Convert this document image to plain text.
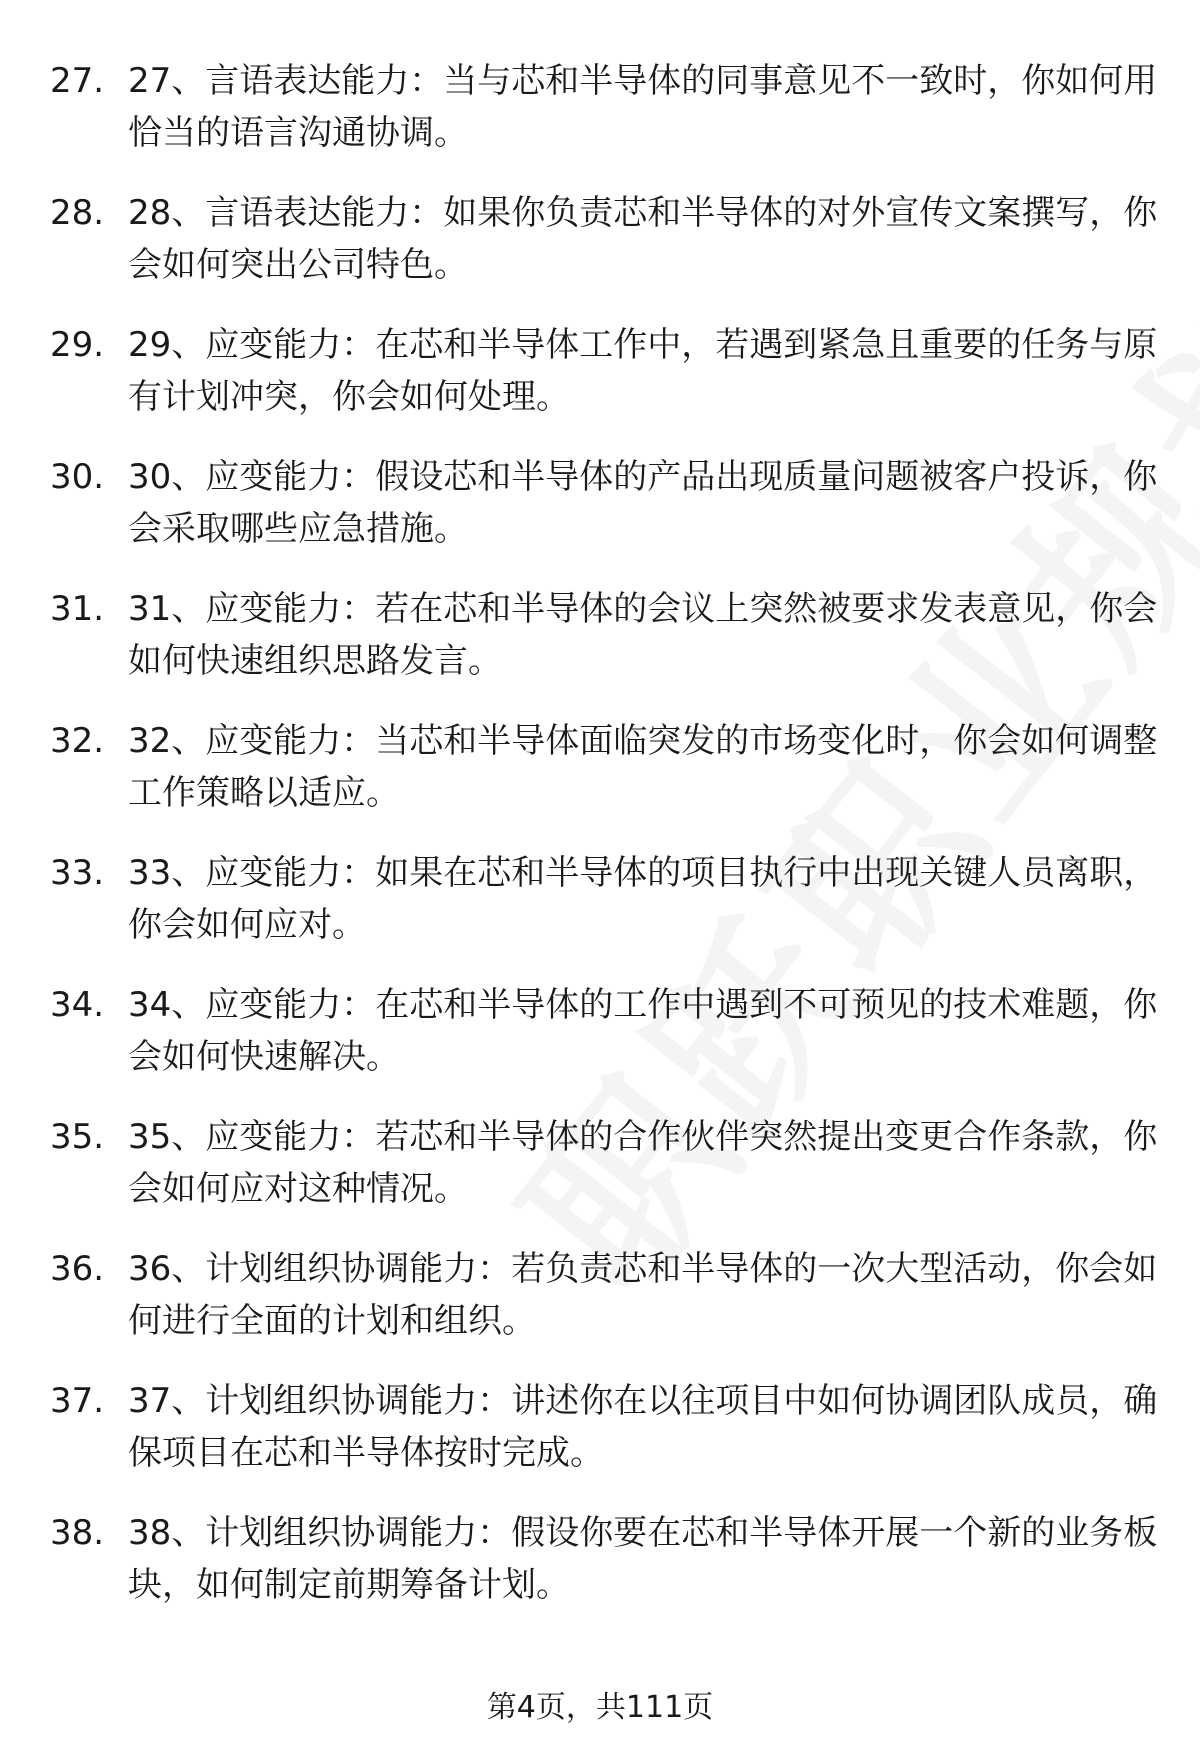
27. 27、言语表达能力：当与芯和半导体的同事意见不一致时，你如何用恰当的语言沟通协调。
28. 28、言语表达能力：如果你负责芯和半导体的对外宣传文案撰写，你会如何突出公司特色。
29. 29、应变能力：在芯和半导体工作中，若遇到紧急且重要的任务与原有计划冲突，你会如何处理。
30. 30、应变能力：假设芯和半导体的产品出现质量问题被客户投诉，你会采取哪些应急措施。
31. 31、应变能力：若在芯和半导体的会议上突然被要求发表意见，你会如何快速组织思路发言。
32. 32、应变能力：当芯和半导体面临突发的市场变化时，你会如何调整工作策略以适应。
33. 33、应变能力：如果在芯和半导体的项目执行中出现关键人员离职，你会如何应对。
34. 34、应变能力：在芯和半导体的工作中遇到不可预见的技术难题，你会如何快速解决。
35. 35、应变能力：若芯和半导体的合作伙伴突然提出变更合作条款，你会如何应对这种情况。
36. 36、计划组织协调能力：若负责芯和半导体的一次大型活动，你会如何进行全面的计划和组织。
37. 37、计划组织协调能力：讲述你在以往项目中如何协调团队成员，确保项目在芯和半导体按时完成。
38. 38、计划组织协调能力：假设你要在芯和半导体开展一个新的业务板块，如何制定前期筹备计划。
第4页，共111页
